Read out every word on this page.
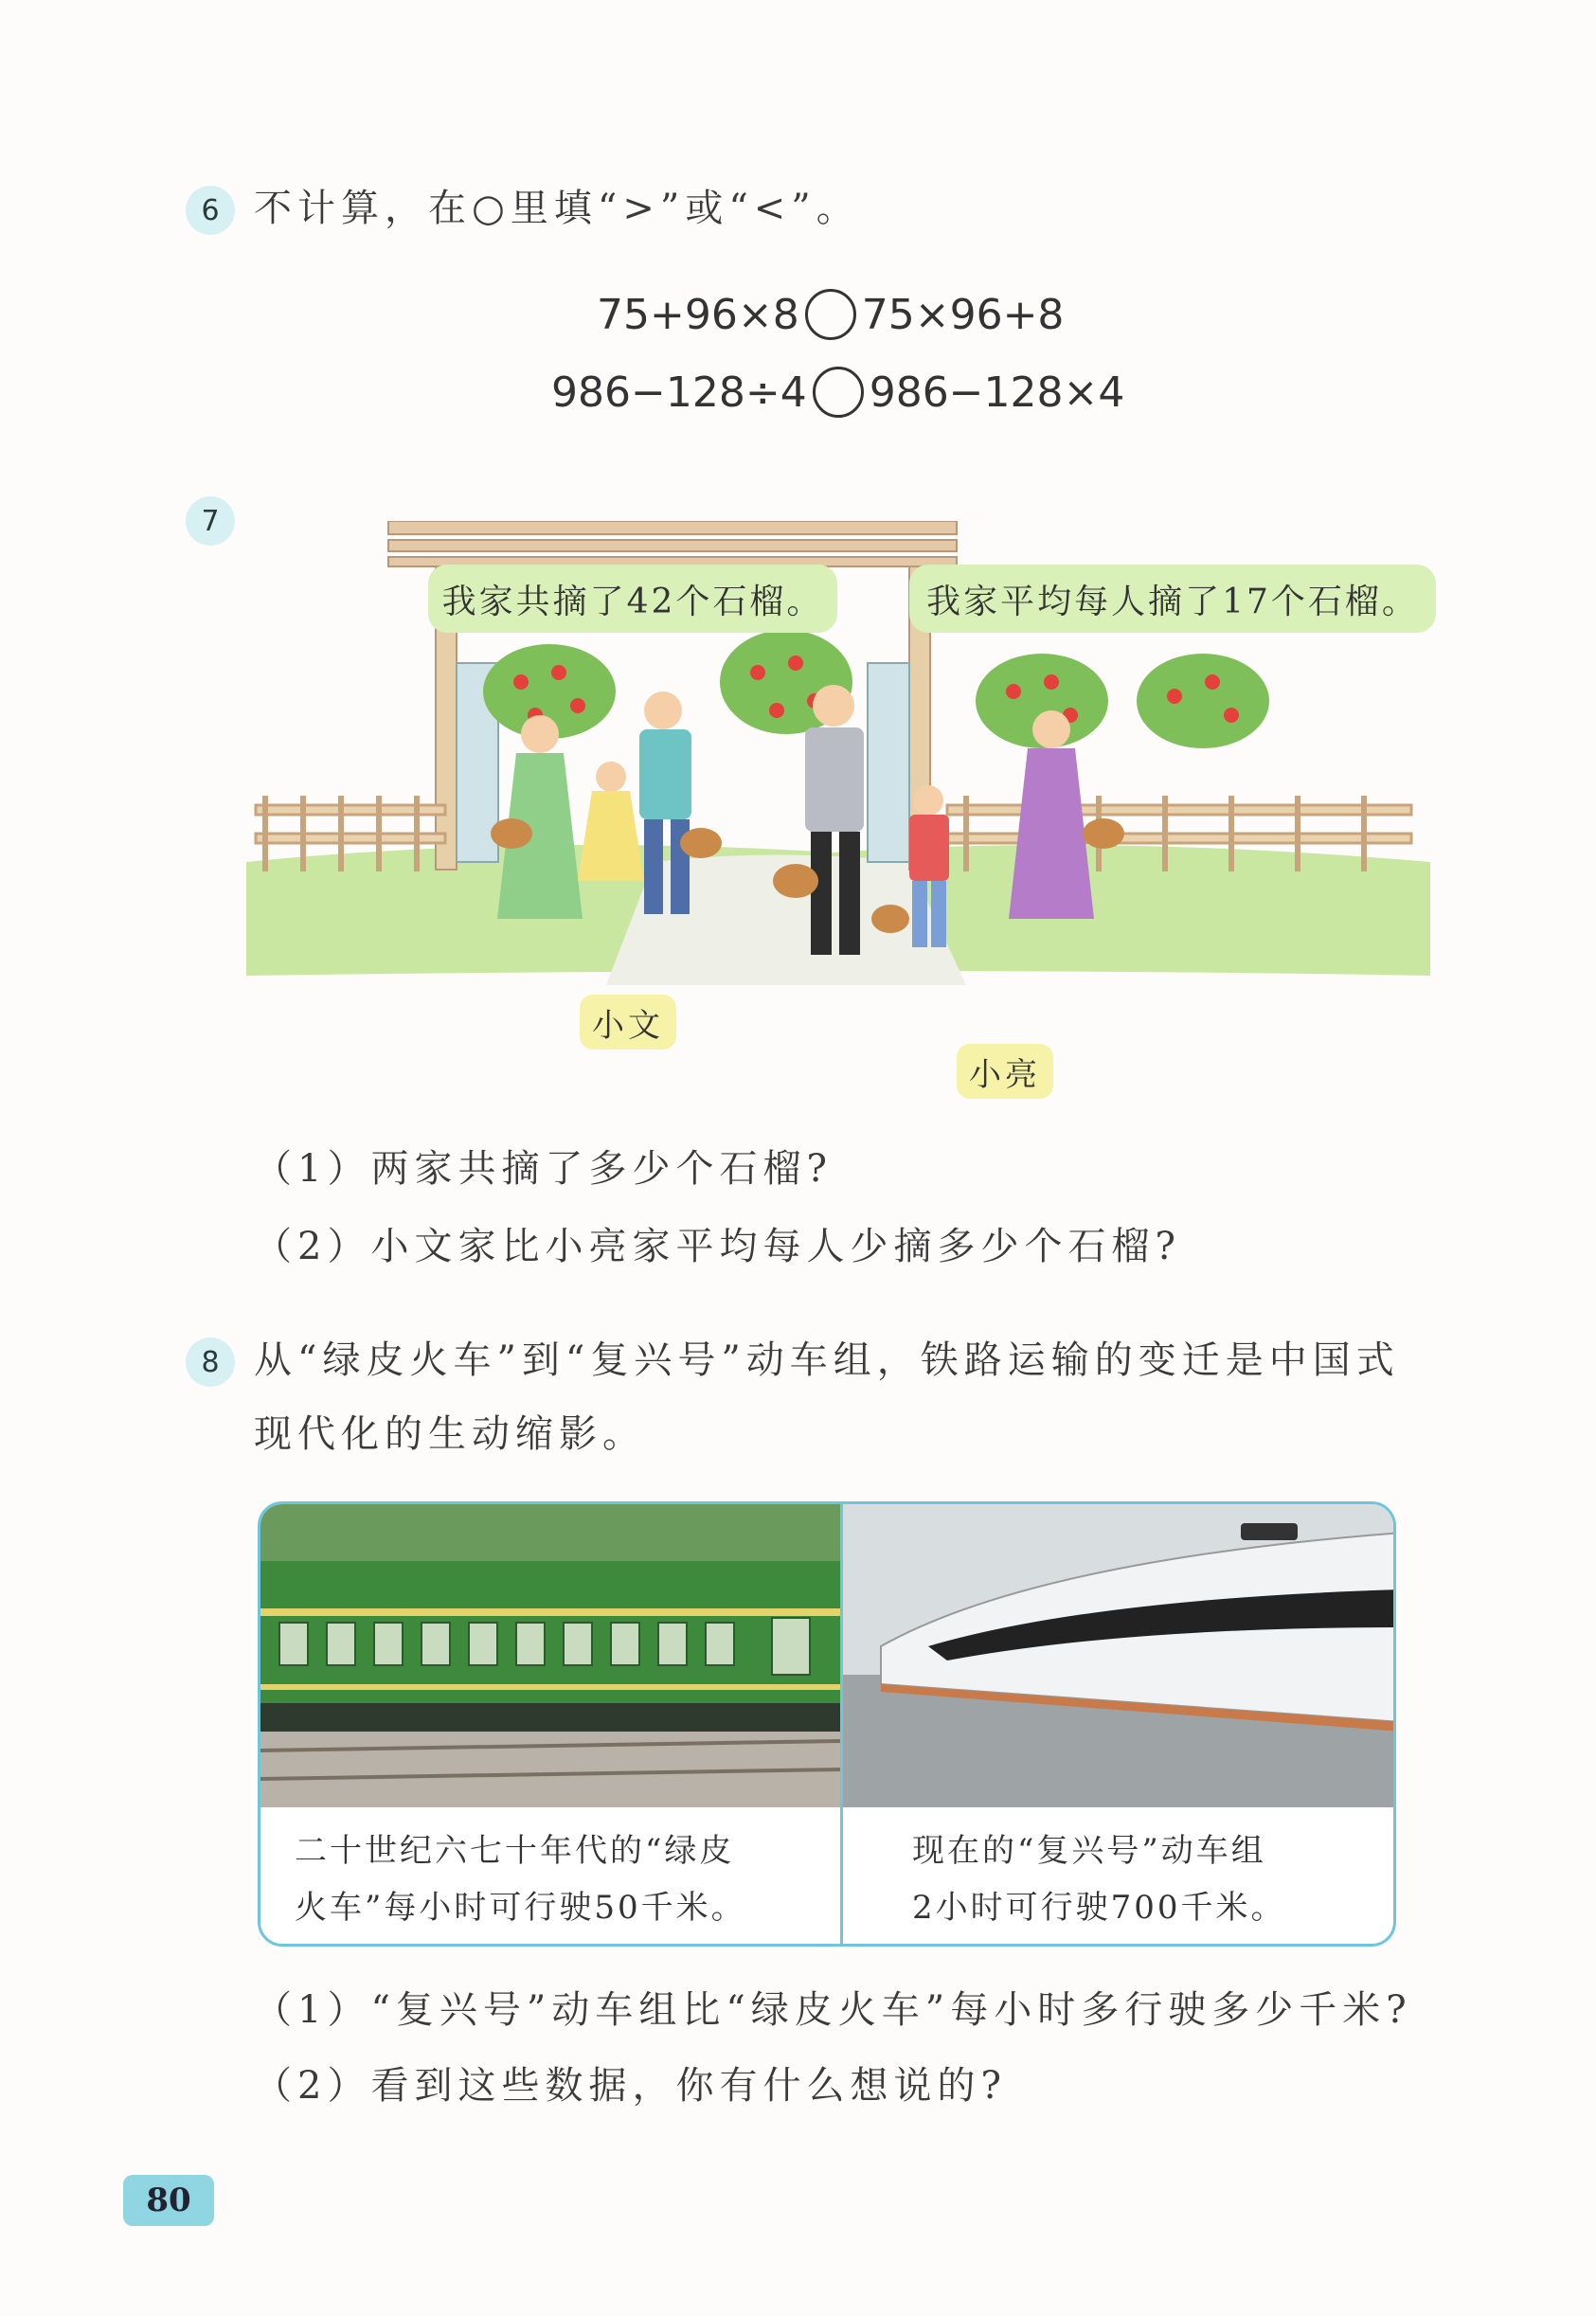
6 不计算，在○里填“>”或“<”。
75+96×8 75×96+8
986−128÷4 986−128×4
7
我家共摘了42个石榴。	我家平均每人摘了17个石榴。
小文
小亮
（1）两家共摘了多少个石榴?
（2）小文家比小亮家平均每人少摘多少个石榴?
8 从“绿皮火车”到“复兴号”动车组，铁路运输的变迁是中国式
现代化的生动缩影。
二十世纪六七十年代的“绿皮
火车”每小时可行驶50千米。
现在的“复兴号”动车组
2小时可行驶700千米。
（1）“复兴号”动车组比“绿皮火车”每小时多行驶多少千米?
（2）看到这些数据，你有什么想说的?
80
